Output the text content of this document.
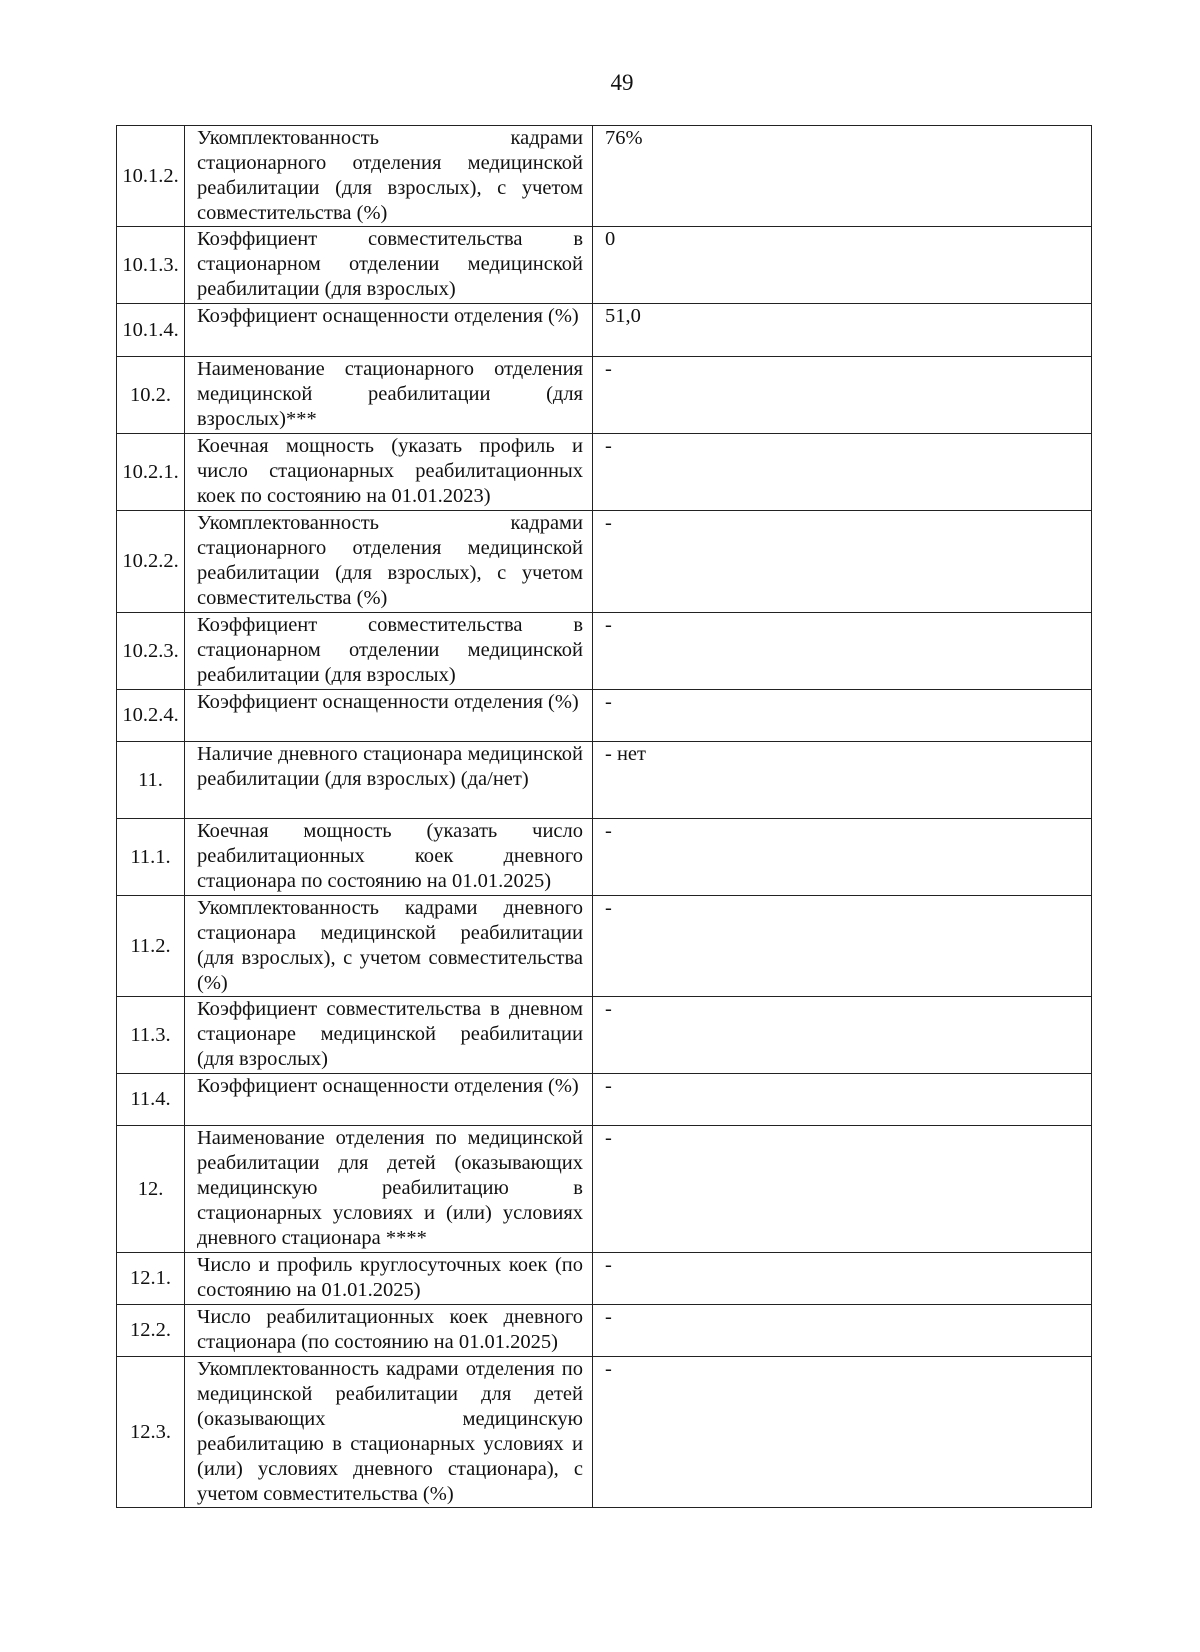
49
10.1.2.	Укомплектованность кадрами стационарного отделения медицинской реабилитации (для взрослых), с учетом совместительства (%)	76%
10.1.3.	Коэффициент совместительства в стационарном отделении медицинской реабилитации (для взрослых)	0
10.1.4.	Коэффициент оснащенности отделения (%)	51,0
10.2.	Наименование стационарного отделения медицинской реабилитации (для взрослых)***	-
10.2.1.	Коечная мощность (указать профиль и число стационарных реабилитационных коек по состоянию на 01.01.2023)	-
10.2.2.	Укомплектованность кадрами стационарного отделения медицинской реабилитации (для взрослых), с учетом совместительства (%)	-
10.2.3.	Коэффициент совместительства в стационарном отделении медицинской реабилитации (для взрослых)	-
10.2.4.	Коэффициент оснащенности отделения (%)	-
11.	Наличие дневного стационара медицинской реабилитации (для взрослых) (да/нет)	- нет
11.1.	Коечная мощность (указать число реабилитационных коек дневного стационара по состоянию на 01.01.2025)	-
11.2.	Укомплектованность кадрами дневного стационара медицинской реабилитации (для взрослых), с учетом совместительства (%)	-
11.3.	Коэффициент совместительства в дневном стационаре медицинской реабилитации (для взрослых)	-
11.4.	Коэффициент оснащенности отделения (%)	-
12.	Наименование отделения по медицинской реабилитации для детей (оказывающих медицинскую реабилитацию в стационарных условиях и (или) условиях дневного стационара ****	-
12.1.	Число и профиль круглосуточных коек (по состоянию на 01.01.2025)	-
12.2.	Число реабилитационных коек дневного стационара (по состоянию на 01.01.2025)	-
12.3.	Укомплектованность кадрами отделения по медицинской реабилитации для детей (оказывающих медицинскую реабилитацию в стационарных условиях и (или) условиях дневного стационара), с учетом совместительства (%)	-
